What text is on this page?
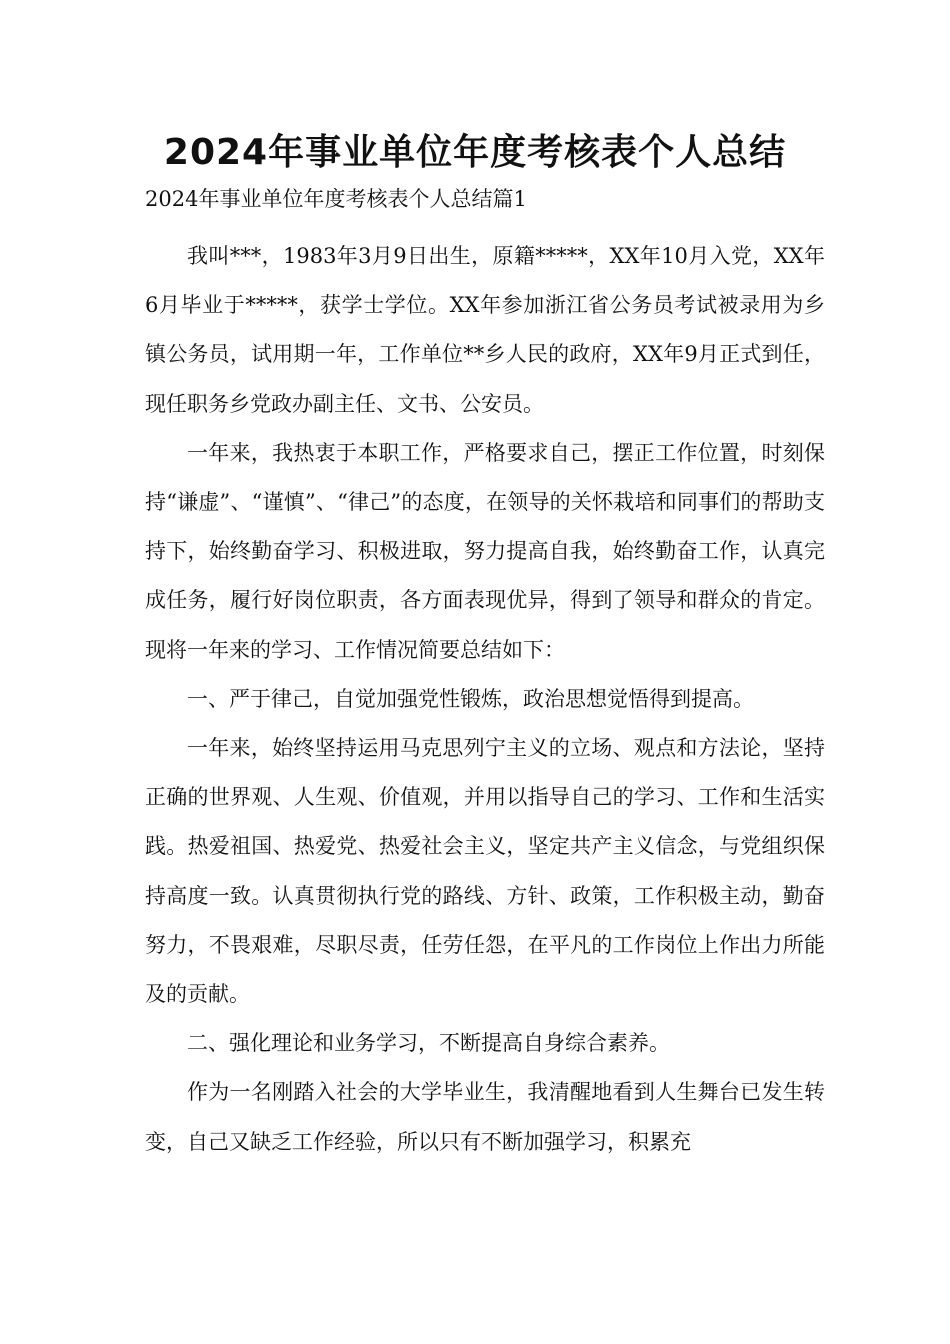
2024年事业单位年度考核表个人总结

2024年事业单位年度考核表个人总结篇1

我叫***，1983年3月9日出生，原籍*****，XX年10月入党，XX年6月毕业于*****，获学士学位。XX年参加浙江省公务员考试被录用为乡镇公务员，试用期一年，工作单位**乡人民的政府，XX年9月正式到任，现任职务乡党政办副主任、文书、公安员。

一年来，我热衷于本职工作，严格要求自己，摆正工作位置，时刻保持“谦虚”、“谨慎”、“律己”的态度，在领导的关怀栽培和同事们的帮助支持下，始终勤奋学习、积极进取，努力提高自我，始终勤奋工作，认真完成任务，履行好岗位职责，各方面表现优异，得到了领导和群众的肯定。现将一年来的学习、工作情况简要总结如下：

一、严于律己，自觉加强党性锻炼，政治思想觉悟得到提高。

一年来，始终坚持运用马克思列宁主义的立场、观点和方法论，坚持正确的世界观、人生观、价值观，并用以指导自己的学习、工作和生活实践。热爱祖国、热爱党、热爱社会主义，坚定共产主义信念，与党组织保持高度一致。认真贯彻执行党的路线、方针、政策，工作积极主动，勤奋努力，不畏艰难，尽职尽责，任劳任怨，在平凡的工作岗位上作出力所能及的贡献。

二、强化理论和业务学习，不断提高自身综合素养。

作为一名刚踏入社会的大学毕业生，我清醒地看到人生舞台已发生转变，自己又缺乏工作经验，所以只有不断加强学习，积累充
